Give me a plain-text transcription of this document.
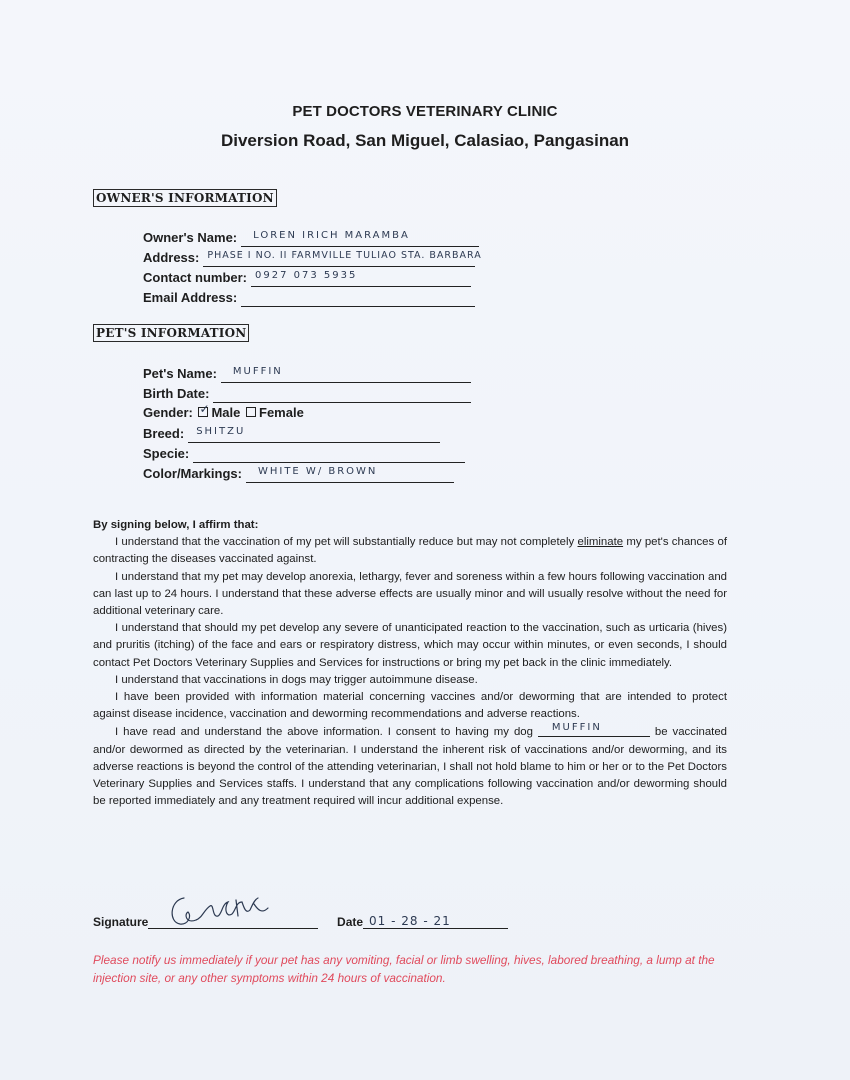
PET DOCTORS VETERINARY CLINIC
Diversion Road, San Miguel, Calasiao, Pangasinan
OWNER'S INFORMATION
Owner's Name: LOREN IRICH MARAMBA
Address: PHASE I NO. II FARMVILLE TULIAO STA. BARBARA
Contact number: 0927 073 5935
Email Address:
PET'S INFORMATION
Pet's Name: MUFFIN
Birth Date:
Gender: ✓ Male Female
Breed: SHITZU
Specie:
Color/Markings: WHITE W/ BROWN

By signing below, I affirm that:

I understand that the vaccination of my pet will substantially reduce but may not completely eliminate my pet's chances of contracting the diseases vaccinated against.

I understand that my pet may develop anorexia, lethargy, fever and soreness within a few hours following vaccination and can last up to 24 hours. I understand that these adverse effects are usually minor and will usually resolve without the need for additional veterinary care.

I understand that should my pet develop any severe of unanticipated reaction to the vaccination, such as urticaria (hives) and pruritis (itching) of the face and ears or respiratory distress, which may occur within minutes, or even seconds, I should contact Pet Doctors Veterinary Supplies and Services for instructions or bring my pet back in the clinic immediately.

I understand that vaccinations in dogs may trigger autoimmune disease.

I have been provided with information material concerning vaccines and/or deworming that are intended to protect against disease incidence, vaccination and deworming recommendations and adverse reactions.

I have read and understand the above information. I consent to having my dog MUFFIN	be vaccinated and/or dewormed as directed by the veterinarian. I understand the inherent risk of vaccinations and/or deworming, and its adverse reactions is beyond the control of the attending veterinarian, I shall not hold blame to him or her or to the Pet Doctors Veterinary Supplies and Services staffs. I understand that any complications following vaccination and/or deworming should be reported immediately and any treatment required will incur additional expense.

Signature	Date 01 - 28 - 21
Please notify us immediately if your pet has any vomiting, facial or limb swelling, hives, labored breathing, a lump at the injection site, or any other symptoms within 24 hours of vaccination.
